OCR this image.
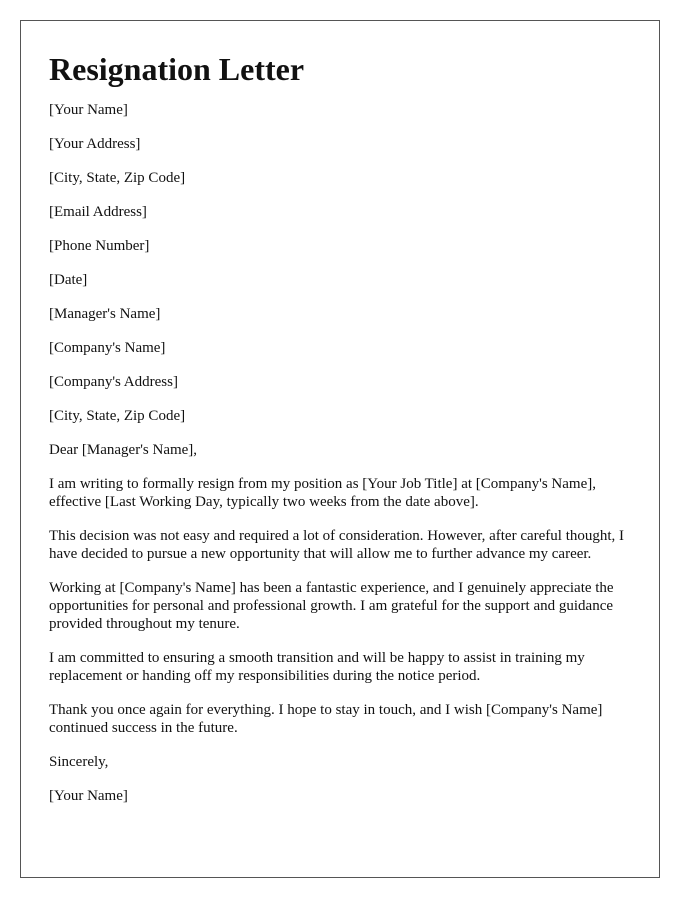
Resignation Letter

[Your Name]

[Your Address]

[City, State, Zip Code]

[Email Address]

[Phone Number]

[Date]

[Manager's Name]

[Company's Name]

[Company's Address]

[City, State, Zip Code]

Dear [Manager's Name],

I am writing to formally resign from my position as [Your Job Title] at [Company's Name], effective [Last Working Day, typically two weeks from the date above].

This decision was not easy and required a lot of consideration. However, after careful thought, I have decided to pursue a new opportunity that will allow me to further advance my career.

Working at [Company's Name] has been a fantastic experience, and I genuinely appreciate the opportunities for personal and professional growth. I am grateful for the support and guidance provided throughout my tenure.

I am committed to ensuring a smooth transition and will be happy to assist in training my replacement or handing off my responsibilities during the notice period.

Thank you once again for everything. I hope to stay in touch, and I wish [Company's Name] continued success in the future.

Sincerely,

[Your Name]
